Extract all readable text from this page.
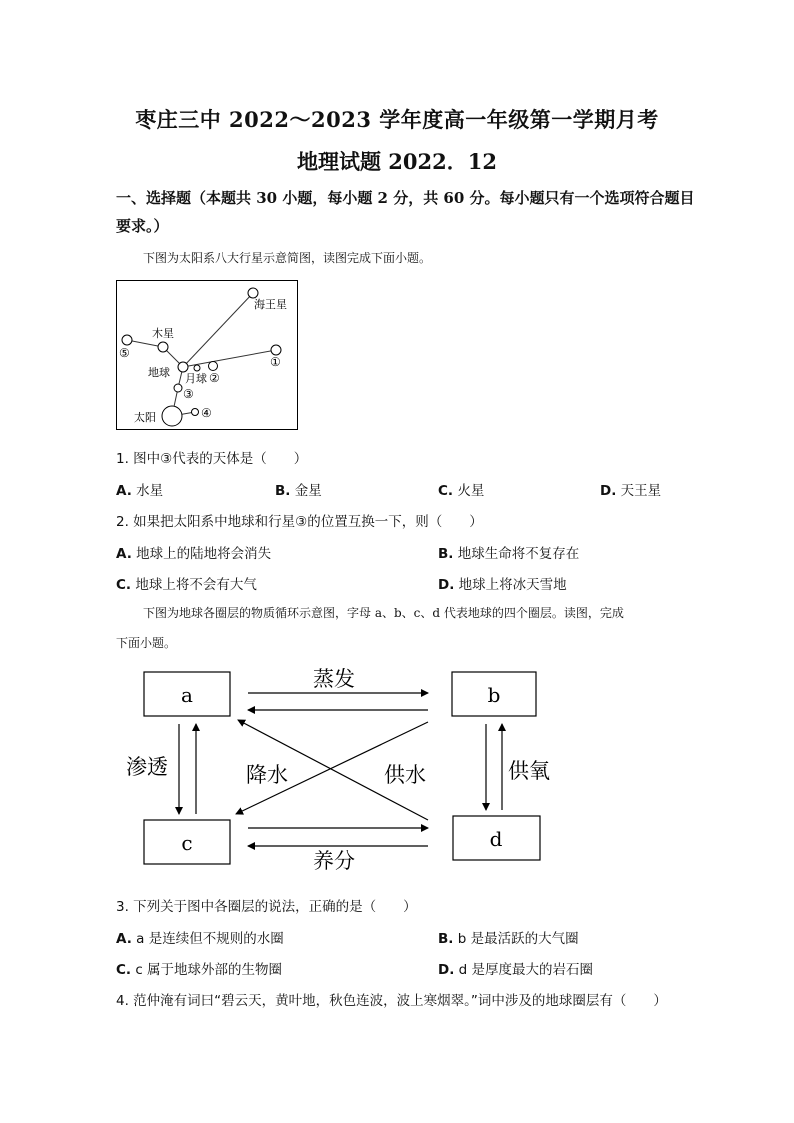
枣庄三中 2022～2023 学年度高一年级第一学期月考
地理试题 2022．12
一、选择题（本题共 30 小题，每小题 2 分，共 60 分。每小题只有一个选项符合题目
要求。）
下图为太阳系八大行星示意简图，读图完成下面小题。
海王星
木星
⑤
①
地球 月球 ②
③
太阳	④
1. 图中③代表的天体是（　　）
A. 水星	B. 金星	C. 火星	D. 天王星
2. 如果把太阳系中地球和行星③的位置互换一下，则（　　）
A. 地球上的陆地将会消失	B. 地球生命将不复存在
C. 地球上将不会有大气	D. 地球上将冰天雪地
下图为地球各圈层的物质循环示意图，字母 a、b、c、d 代表地球的四个圈层。读图，完成
下面小题。
a	b
c	d
蒸发
渗透	降水	供水	供氧
养分
3. 下列关于图中各圈层的说法，正确的是（　　）
A. a 是连续但不规则的水圈	B. b 是最活跃的大气圈
C. c 属于地球外部的生物圈	D. d 是厚度最大的岩石圈
4. 范仲淹有词曰“碧云天，黄叶地，秋色连波，波上寒烟翠。”词中涉及的地球圈层有（　　）
